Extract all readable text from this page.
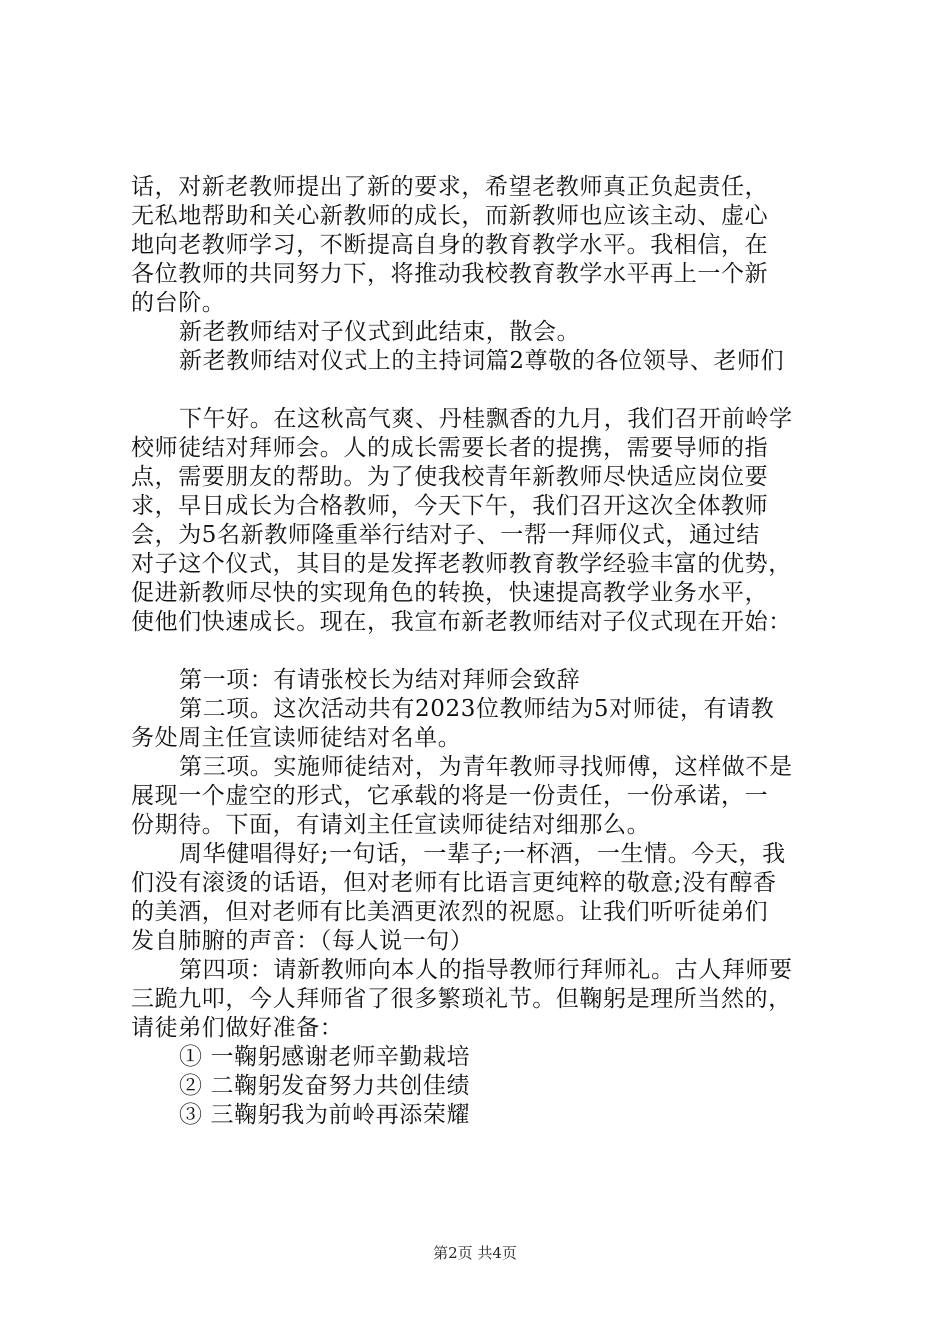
话，对新老教师提出了新的要求，希望老教师真正负起责任，
无私地帮助和关心新教师的成长，而新教师也应该主动、虚心
地向老教师学习，不断提高自身的教育教学水平。我相信，在
各位教师的共同努力下，将推动我校教育教学水平再上一个新
的台阶。
新老教师结对子仪式到此结束，散会。
新老教师结对仪式上的主持词篇2尊敬的各位领导、老师们
下午好。在这秋高气爽、丹桂飘香的九月，我们召开前岭学
校师徒结对拜师会。人的成长需要长者的提携，需要导师的指
点，需要朋友的帮助。为了使我校青年新教师尽快适应岗位要
求，早日成长为合格教师，今天下午，我们召开这次全体教师
会，为5名新教师隆重举行结对子、一帮一拜师仪式，通过结
对子这个仪式，其目的是发挥老教师教育教学经验丰富的优势，
促进新教师尽快的实现角色的转换，快速提高教学业务水平，
使他们快速成长。现在，我宣布新老教师结对子仪式现在开始：
第一项：有请张校长为结对拜师会致辞
第二项。这次活动共有2023位教师结为5对师徒，有请教
务处周主任宣读师徒结对名单。
第三项。实施师徒结对，为青年教师寻找师傅，这样做不是
展现一个虚空的形式，它承载的将是一份责任，一份承诺，一
份期待。下面，有请刘主任宣读师徒结对细那么。
周华健唱得好;一句话，一辈子;一杯酒，一生情。今天，我
们没有滚烫的话语，但对老师有比语言更纯粹的敬意;没有醇香
的美酒，但对老师有比美酒更浓烈的祝愿。让我们听听徒弟们
发自肺腑的声音：（每人说一句）
第四项：请新教师向本人的指导教师行拜师礼。古人拜师要
三跪九叩，今人拜师省了很多繁琐礼节。但鞠躬是理所当然的，
请徒弟们做好准备：
① 一鞠躬感谢老师辛勤栽培
② 二鞠躬发奋努力共创佳绩
③ 三鞠躬我为前岭再添荣耀
第2页 共4页
